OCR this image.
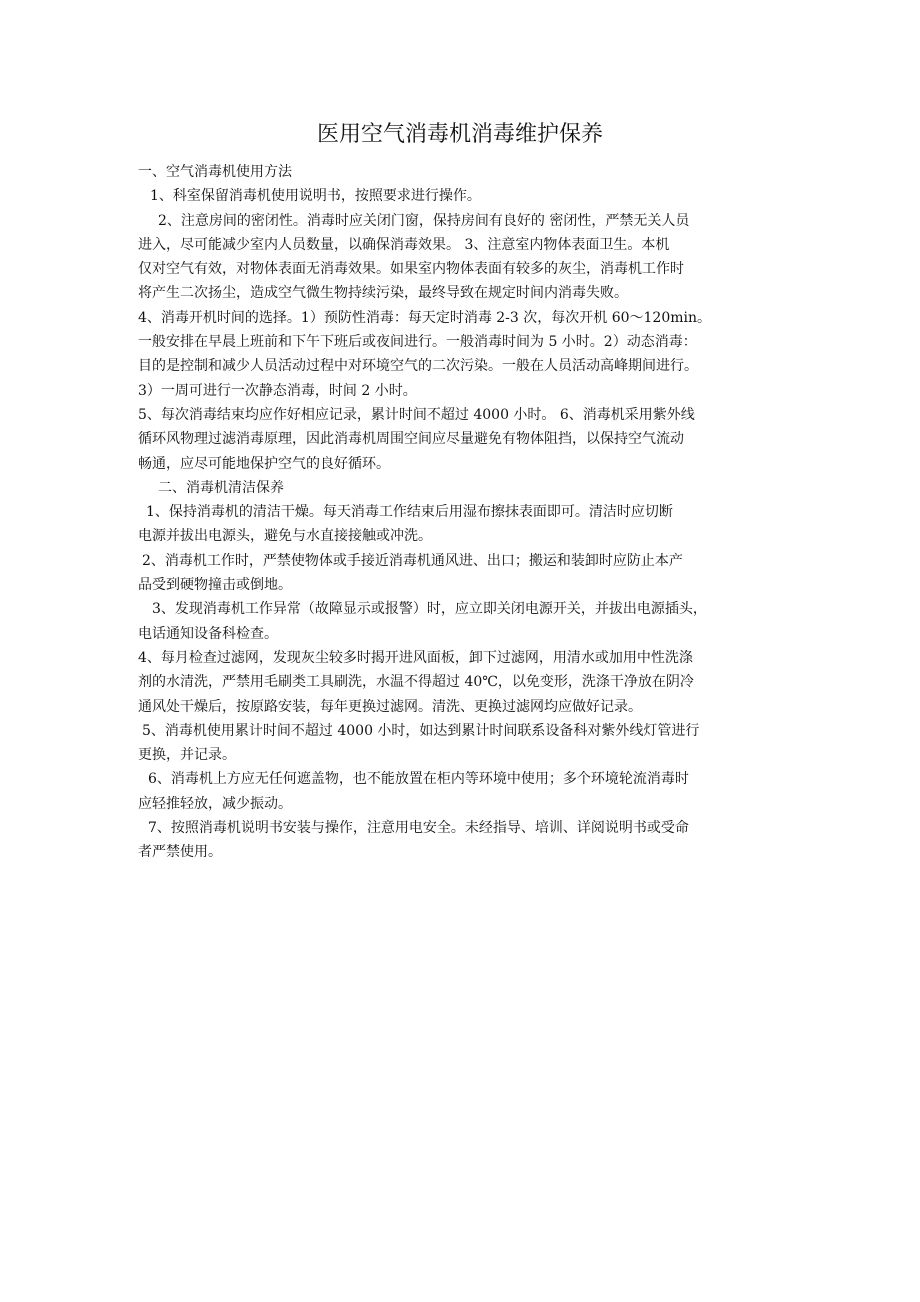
医用空气消毒机消毒维护保养

一、空气消毒机使用方法

1、科室保留消毒机使用说明书，按照要求进行操作。

2、注意房间的密闭性。消毒时应关闭门窗，保持房间有良好的 密闭性，严禁无关人员

进入，尽可能减少室内人员数量，以确保消毒效果。 3、注意室内物体表面卫生。本机

仅对空气有效，对物体表面无消毒效果。如果室内物体表面有较多的灰尘，消毒机工作时

将产生二次扬尘，造成空气微生物持续污染，最终导致在规定时间内消毒失败。

4、消毒开机时间的选择。1）预防性消毒：每天定时消毒 2-3 次，每次开机 60～120min。

一般安排在早晨上班前和下午下班后或夜间进行。一般消毒时间为 5 小时。2）动态消毒：

目的是控制和减少人员活动过程中对环境空气的二次污染。一般在人员活动高峰期间进行。

3）一周可进行一次静态消毒，时间 2 小时。

5、每次消毒结束均应作好相应记录，累计时间不超过 4000 小时。 6、消毒机采用紫外线

循环风物理过滤消毒原理，因此消毒机周围空间应尽量避免有物体阻挡，以保持空气流动

畅通，应尽可能地保护空气的良好循环。

二、消毒机清洁保养

1、保持消毒机的清洁干燥。每天消毒工作结束后用湿布擦抹表面即可。清洁时应切断

电源并拔出电源头，避免与水直接接触或冲洗。

2、消毒机工作时，严禁使物体或手接近消毒机通风进、出口；搬运和装卸时应防止本产

品受到硬物撞击或倒地。

3、发现消毒机工作异常（故障显示或报警）时，应立即关闭电源开关，并拔出电源插头，

电话通知设备科检查。

4、每月检查过滤网，发现灰尘较多时揭开进风面板，卸下过滤网，用清水或加用中性洗涤

剂的水清洗，严禁用毛刷类工具刷洗，水温不得超过 40℃，以免变形，洗涤干净放在阴冷

通风处干燥后，按原路安装，每年更换过滤网。清洗、更换过滤网均应做好记录。

5、消毒机使用累计时间不超过 4000 小时，如达到累计时间联系设备科对紫外线灯管进行

更换，并记录。

6、消毒机上方应无任何遮盖物，也不能放置在柜内等环境中使用；多个环境轮流消毒时

应轻推轻放，减少振动。

7、按照消毒机说明书安装与操作，注意用电安全。未经指导、培训、详阅说明书或受命

者严禁使用。
